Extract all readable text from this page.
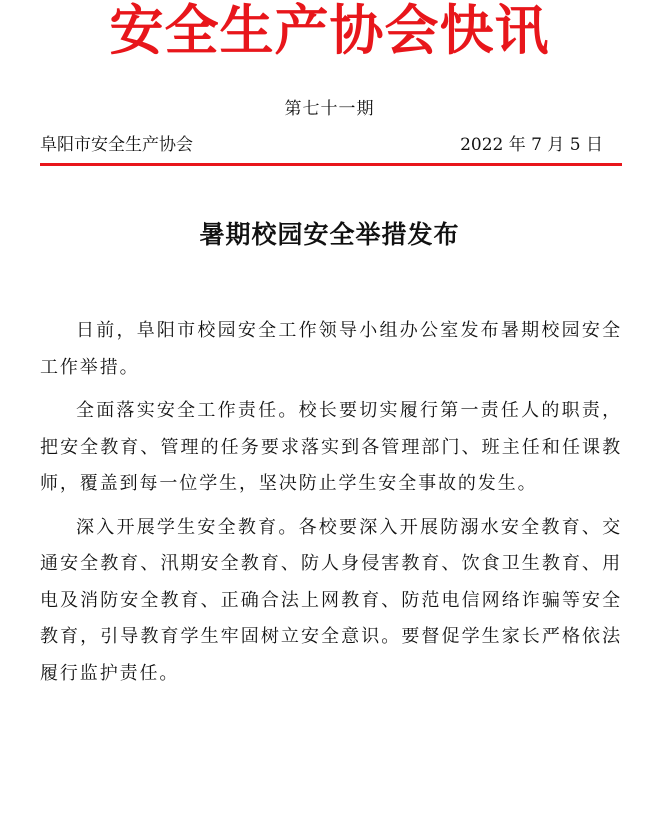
安全生产协会快讯
第七十一期
阜阳市安全生产协会	2022 年 7 月 5 日
暑期校园安全举措发布

日前，阜阳市校园安全工作领导小组办公室发布暑期校园安全工作举措。

全面落实安全工作责任。校长要切实履行第一责任人的职责，把安全教育、管理的任务要求落实到各管理部门、班主任和任课教师，覆盖到每一位学生，坚决防止学生安全事故的发生。

深入开展学生安全教育。各校要深入开展防溺水安全教育、交通安全教育、汛期安全教育、防人身侵害教育、饮食卫生教育、用电及消防安全教育、正确合法上网教育、防范电信网络诈骗等安全教育，引导教育学生牢固树立安全意识。要督促学生家长严格依法履行监护责任。
